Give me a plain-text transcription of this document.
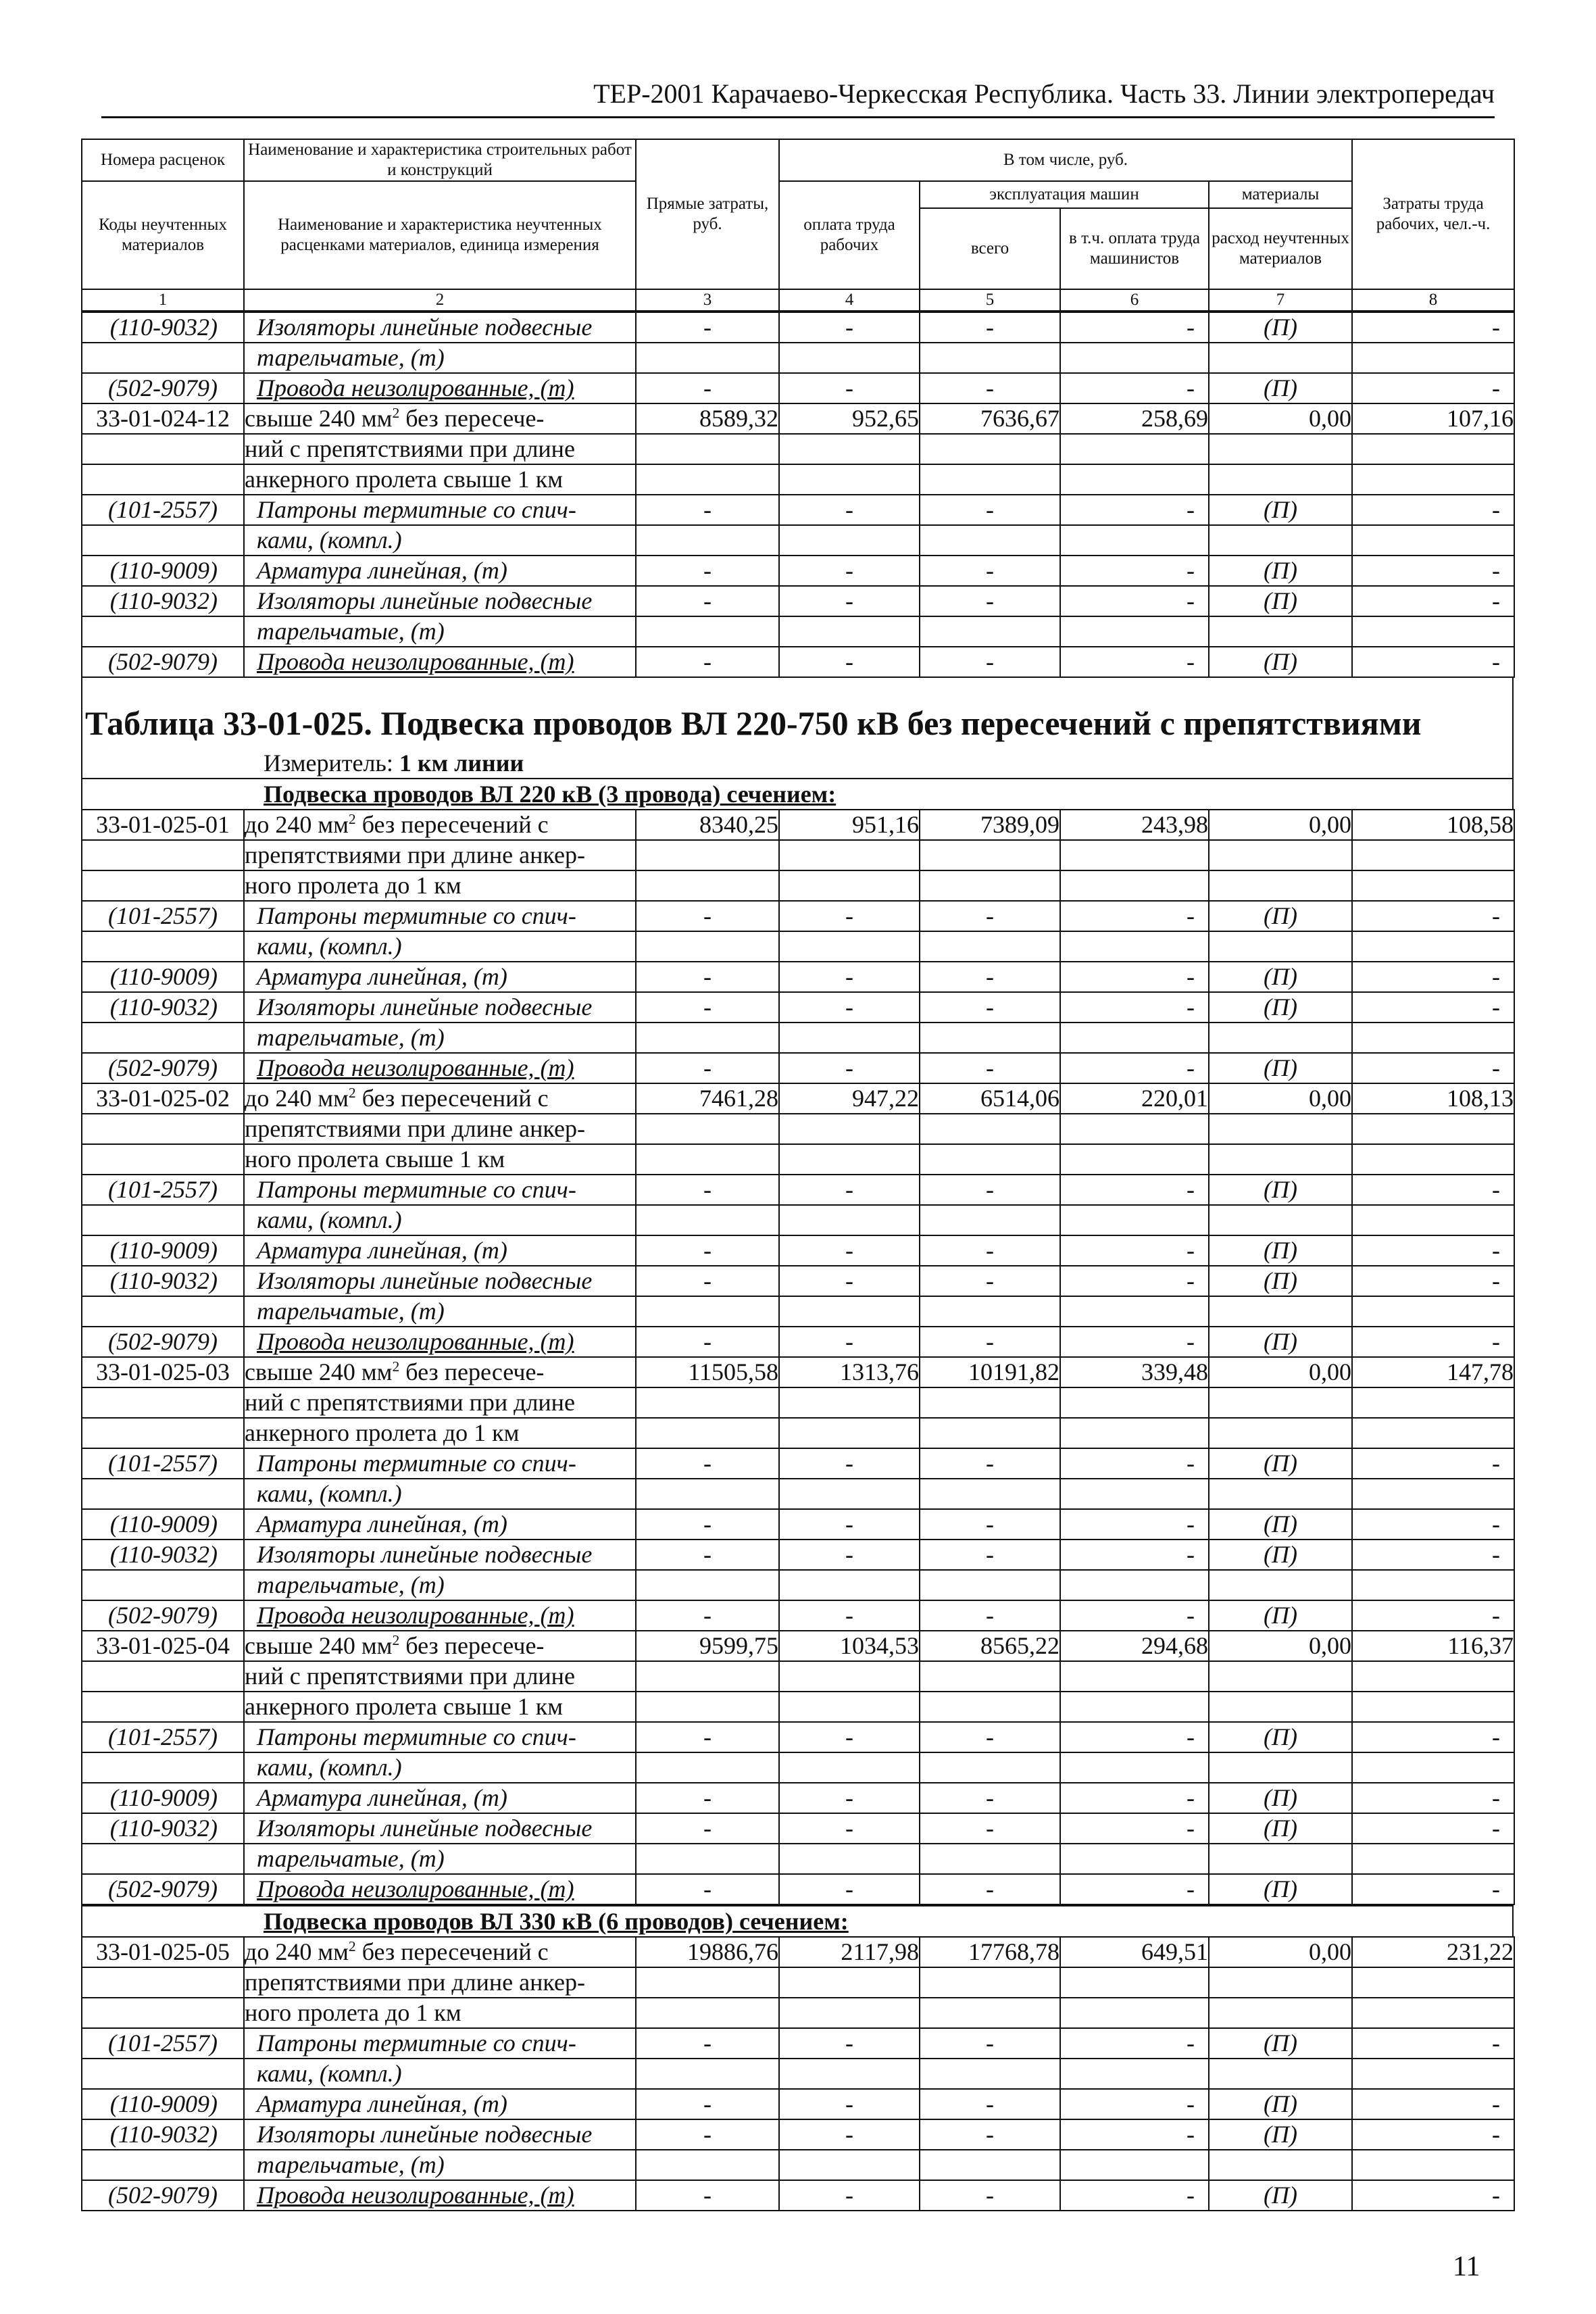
ТЕР-2001 Карачаево-Черкесская Республика. Часть 33. Линии электропередач
Номера расценок	Наименование и характеристика строительных работ и конструкций	Прямые затраты, руб.	В том числе, руб.				Затраты труда рабочих, чел.-ч.
Коды неучтенных материалов	Наименование и характеристика неучтенных расценками материалов, единица измерения		оплата труда рабочих	эксплуатация машин		материалы	
				всего	в т.ч. оплата труда машинистов	расход неучтенных материалов	

1	2	3	4	5	6	7	8
(110-9032)	Изоляторы линейные подвесные	-	-	-	-	(П)	-
	тарельчатые, (т)						
(502-9079)	Провода неизолированные, (т)	-	-	-	-	(П)	-
33-01-024-12	свыше 240 $мм^2$ без пересече-	8589,32	952,65	7636,67	258,69	0,00	107,16
	ний с препятствиями при длине						
	анкерного пролета свыше 1 км						
(101-2557)	Патроны термитные со спич-	-	-	-	-	(П)	-
	ками, (компл.)						
(110-9009)	Арматура линейная, (т)	-	-	-	-	(П)	-
(110-9032)	Изоляторы линейные подвесные	-	-	-	-	(П)	-
	тарельчатые, (т)						
(502-9079)	Провода неизолированные, (т)	-	-	-	-	(П)	-
Таблица 33-01-025. Подвеска проводов ВЛ 220-750 кВ без пересечений с препятствиями
Измеритель: 1 км линии
Подвеска проводов ВЛ 220 кВ (3 провода) сечением:
33-01-025-01	до 240 $мм^2$ без пересечений с	8340,25	951,16	7389,09	243,98	0,00	108,58
	препятствиями при длине анкер-						
	ного пролета до 1 км						
(101-2557)	Патроны термитные со спич-	-	-	-	-	(П)	-
	ками, (компл.)						
(110-9009)	Арматура линейная, (т)	-	-	-	-	(П)	-
(110-9032)	Изоляторы линейные подвесные	-	-	-	-	(П)	-
	тарельчатые, (т)						
(502-9079)	Провода неизолированные, (т)	-	-	-	-	(П)	-
33-01-025-02	до 240 $мм^2$ без пересечений с	7461,28	947,22	6514,06	220,01	0,00	108,13
	препятствиями при длине анкер-						
	ного пролета свыше 1 км						
(101-2557)	Патроны термитные со спич-	-	-	-	-	(П)	-
	ками, (компл.)						
(110-9009)	Арматура линейная, (т)	-	-	-	-	(П)	-
(110-9032)	Изоляторы линейные подвесные	-	-	-	-	(П)	-
	тарельчатые, (т)						
(502-9079)	Провода неизолированные, (т)	-	-	-	-	(П)	-
33-01-025-03	свыше 240 $мм^2$ без пересече-	11505,58	1313,76	10191,82	339,48	0,00	147,78
	ний с препятствиями при длине						
	анкерного пролета до 1 км						
(101-2557)	Патроны термитные со спич-	-	-	-	-	(П)	-
	ками, (компл.)						
(110-9009)	Арматура линейная, (т)	-	-	-	-	(П)	-
(110-9032)	Изоляторы линейные подвесные	-	-	-	-	(П)	-
	тарельчатые, (т)						
(502-9079)	Провода неизолированные, (т)	-	-	-	-	(П)	-
33-01-025-04	свыше 240 $мм^2$ без пересече-	9599,75	1034,53	8565,22	294,68	0,00	116,37
	ний с препятствиями при длине						
	анкерного пролета свыше 1 км						
(101-2557)	Патроны термитные со спич-	-	-	-	-	(П)	-
	ками, (компл.)						
(110-9009)	Арматура линейная, (т)	-	-	-	-	(П)	-
(110-9032)	Изоляторы линейные подвесные	-	-	-	-	(П)	-
	тарельчатые, (т)						
(502-9079)	Провода неизолированные, (т)	-	-	-	-	(П)	-
Подвеска проводов ВЛ 330 кВ (6 проводов) сечением:
33-01-025-05	до 240 $мм^2$ без пересечений с	19886,76	2117,98	17768,78	649,51	0,00	231,22
	препятствиями при длине анкер-						
	ного пролета до 1 км						
(101-2557)	Патроны термитные со спич-	-	-	-	-	(П)	-
	ками, (компл.)						
(110-9009)	Арматура линейная, (т)	-	-	-	-	(П)	-
(110-9032)	Изоляторы линейные подвесные	-	-	-	-	(П)	-
	тарельчатые, (т)						
(502-9079)	Провода неизолированные, (т)	-	-	-	-	(П)	-
11
